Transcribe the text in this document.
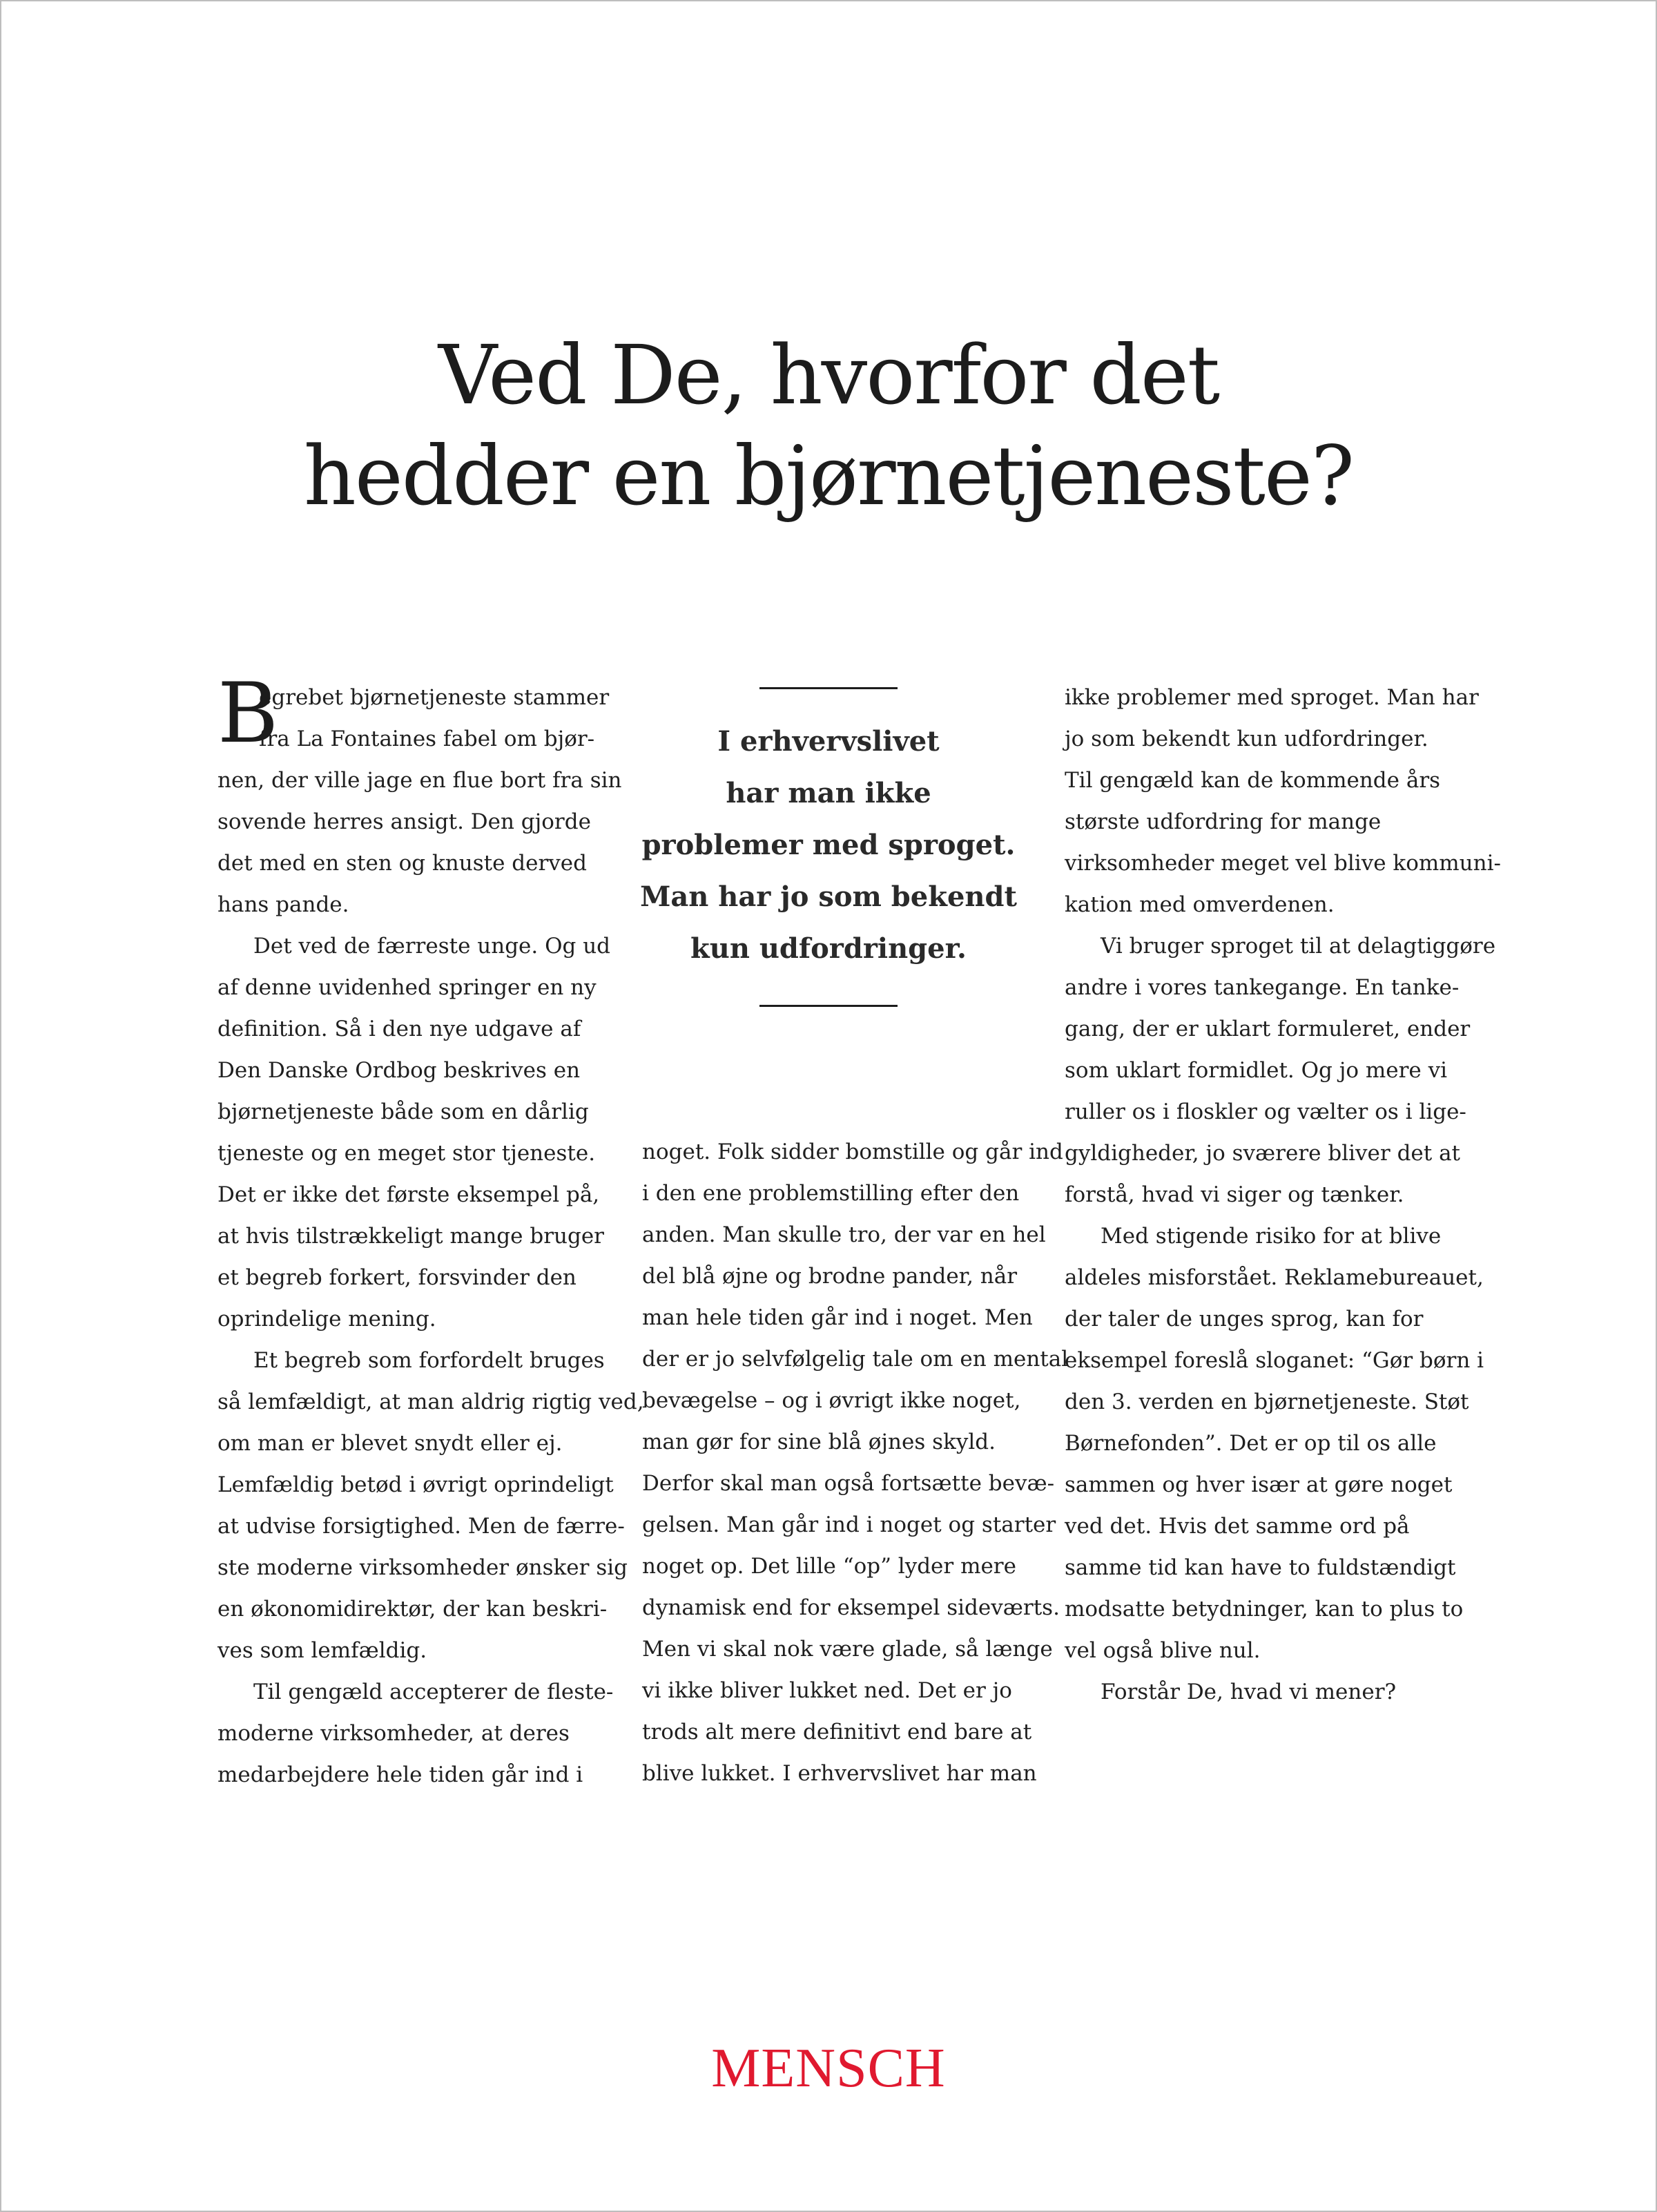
Ved De, hvorfor det
hedder en bjørnetjeneste?
B
egrebet bjørnetjeneste stammer
fra La Fontaines fabel om bjør-
nen, der ville jage en flue bort fra sin
sovende herres ansigt. Den gjorde
det med en sten og knuste derved
hans pande.
Det ved de færreste unge. Og ud
af denne uvidenhed springer en ny
definition. Så i den nye udgave af
Den Danske Ordbog beskrives en
bjørnetjeneste både som en dårlig
tjeneste og en meget stor tjeneste.
Det er ikke det første eksempel på,
at hvis tilstrækkeligt mange bruger
et begreb forkert, forsvinder den
oprindelige mening.
Et begreb som forfordelt bruges
så lemfældigt, at man aldrig rigtig ved,
om man er blevet snydt eller ej.
Lemfældig betød i øvrigt oprindeligt
at udvise forsigtighed. Men de færre-
ste moderne virksomheder ønsker sig
en økonomidirektør, der kan beskri-
ves som lemfældig.
Til gengæld accepterer de fleste-
moderne virksomheder, at deres
medarbejdere hele tiden går ind i
I erhvervslivet
har man ikke
problemer med sproget.
Man har jo som bekendt
kun udfordringer.
noget. Folk sidder bomstille og går ind
i den ene problemstilling efter den
anden. Man skulle tro, der var en hel
del blå øjne og brodne pander, når
man hele tiden går ind i noget. Men
der er jo selvfølgelig tale om en mental
bevægelse – og i øvrigt ikke noget,
man gør for sine blå øjnes skyld.
Derfor skal man også fortsætte bevæ-
gelsen. Man går ind i noget og starter
noget op. Det lille “op” lyder mere
dynamisk end for eksempel sideværts.
Men vi skal nok være glade, så længe
vi ikke bliver lukket ned. Det er jo
trods alt mere definitivt end bare at
blive lukket. I erhvervslivet har man
ikke problemer med sproget. Man har
jo som bekendt kun udfordringer.
Til gengæld kan de kommende års
største udfordring for mange
virksomheder meget vel blive kommuni-
kation med omverdenen.
Vi bruger sproget til at delagtiggøre
andre i vores tankegange. En tanke-
gang, der er uklart formuleret, ender
som uklart formidlet. Og jo mere vi
ruller os i floskler og vælter os i lige-
gyldigheder, jo sværere bliver det at
forstå, hvad vi siger og tænker.
Med stigende risiko for at blive
aldeles misforstået. Reklamebureauet,
der taler de unges sprog, kan for
eksempel foreslå sloganet: “Gør børn i
den 3. verden en bjørnetjeneste. Støt
Børnefonden”. Det er op til os alle
sammen og hver især at gøre noget
ved det. Hvis det samme ord på
samme tid kan have to fuldstændigt
modsatte betydninger, kan to plus to
vel også blive nul.
Forstår De, hvad vi mener?
MENSCH
